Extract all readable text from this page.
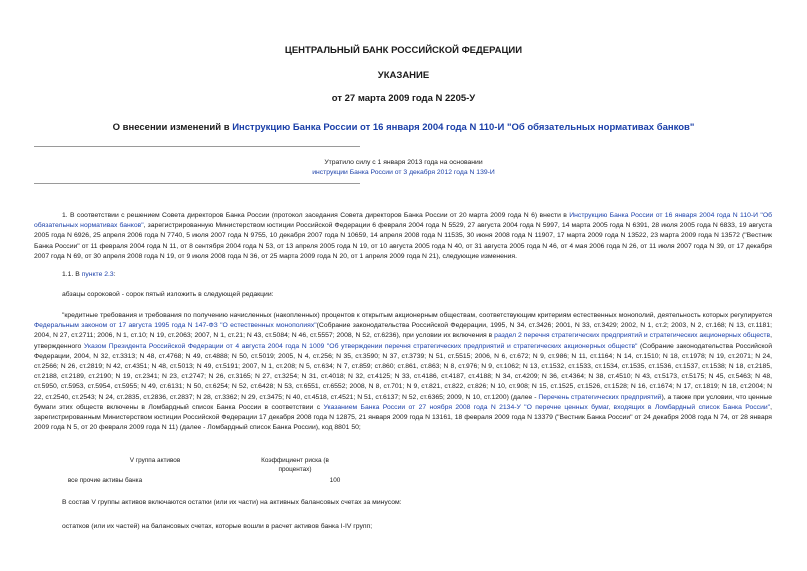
ЦЕНТРАЛЬНЫЙ БАНК РОССИЙСКОЙ ФЕДЕРАЦИИ
УКАЗАНИЕ
от 27 марта 2009 года N 2205-У
О внесении изменений в Инструкцию Банка России от 16 января 2004 года N 110-И "Об обязательных нормативах банков"
Утратило силу с 1 января 2013 года на основании
инструкции Банка России от 3 декабря 2012 года N 139-И
1. В соответствии с решением Совета директоров Банка России (протокол заседания Совета директоров Банка России от 20 марта 2009 года N 6) внести в Инструкцию Банка России от 16 января 2004 года N 110-И "Об обязательных нормативах банков", зарегистрированную Министерством юстиции Российской Федерации 6 февраля 2004 года N 5529, 27 августа 2004 года N 5997, 14 марта 2005 года N 6391, 28 июля 2005 года N 6833, 19 августа 2005 года N 6926, 25 апреля 2006 года N 7740, 5 июля 2007 года N 9755, 10 декабря 2007 года N 10659, 14 апреля 2008 года N 11535, 30 июня 2008 года N 11907, 17 марта 2009 года N 13522, 23 марта 2009 года N 13572 ("Вестник Банка России" от 11 февраля 2004 года N 11, от 8 сентября 2004 года N 53, от 13 апреля 2005 года N 19, от 10 августа 2005 года N 40, от 31 августа 2005 года N 46, от 4 мая 2006 года N 26, от 11 июля 2007 года N 39, от 17 декабря 2007 года N 69, от 30 апреля 2008 года N 19, от 9 июля 2008 года N 36, от 25 марта 2009 года N 20, от 1 апреля 2009 года N 21), следующие изменения.
1.1. В пункте 2.3:
абзацы сороковой - сорок пятый изложить в следующей редакции:
"кредитные требования и требования по получению начисленных (накопленных) процентов к открытым акционерным обществам, соответствующим критериям естественных монополий, деятельность которых регулируется Федеральным законом от 17 августа 1995 года N 147-ФЗ "О естественных монополиях"(Собрание законодательства Российской Федерации, 1995, N 34, ст.3426; 2001, N 33, ст.3429; 2002, N 1, ст.2; 2003, N 2, ст.168; N 13, ст.1181; 2004, N 27, ст.2711; 2006, N 1, ст.10; N 19, ст.2063; 2007, N 1, ст.21; N 43, ст.5084; N 46, ст.5557; 2008, N 52, ст.6236), при условии их включения в раздел 2 перечня стратегических предприятий и стратегических акционерных обществ, утвержденного Указом Президента Российской Федерации от 4 августа 2004 года N 1009 "Об утверждении перечня стратегических предприятий и стратегических акционерных обществ" (Собрание законодательства Российской Федерации, 2004, N 32, ст.3313; N 48, ст.4768; N 49, ст.4888; N 50, ст.5019; 2005, N 4, ст.256; N 35, ст.3590; N 37, ст.3739; N 51, ст.5515; 2006, N 6, ст.672; N 9, ст.986; N 11, ст.1164; N 14, ст.1510; N 18, ст.1978; N 19, ст.2071; N 24, ст.2566; N 26, ст.2819; N 42, ст.4351; N 48, ст.5013; N 49, ст.5191; 2007, N 1, ст.208; N 5, ст.634; N 7, ст.859; ст.860; ст.861, ст.863; N 8, ст.976; N 9, ст.1062; N 13, ст.1532, ст.1533, ст.1534, ст.1535, ст.1536, ст.1537, ст.1538; N 18, ст.2185, ст.2188, ст.2189, ст.2190; N 19, ст.2341; N 23, ст.2747; N 26, ст.3165; N 27, ст.3254; N 31, ст.4018; N 32, ст.4125; N 33, ст.4186, ст.4187, ст.4188; N 34, ст.4209; N 36, ст.4364; N 38, ст.4510; N 43, ст.5173, ст.5175; N 45, ст.5463; N 48, ст.5950, ст.5953, ст.5954, ст.5955; N 49, ст.6131; N 50, ст.6254; N 52, ст.6428; N 53, ст.6551, ст.6552; 2008, N 8, ст.701; N 9, ст.821, ст.822, ст.826; N 10, ст.908; N 15, ст.1525, ст.1526, ст.1528; N 16, ст.1674; N 17, ст.1819; N 18, ст.2004; N 22, ст.2540, ст.2543; N 24, ст.2835, ст.2836, ст.2837; N 28, ст.3362; N 29, ст.3475; N 40, ст.4518, ст.4521; N 51, ст.6137; N 52, ст.6365; 2009, N 10, ст.1200) (далее - Перечень стратегических предприятий), а также при условии, что ценные бумаги этих обществ включены в Ломбардный список Банка России в соответствии с Указанием Банка России от 27 ноября 2008 года N 2134-У "О перечне ценных бумаг, входящих в Ломбардный список Банка России", зарегистрированным Министерством юстиции Российской Федерации 17 декабря 2008 года N 12875, 21 января 2009 года N 13161, 18 февраля 2009 года N 13379 ("Вестник Банка России" от 24 декабря 2008 года N 74, от 28 января 2009 года N 5, от 20 февраля 2009 года N 11) (далее - Ломбардный список Банка России), код 8801 50;
V группа активов	Коэффициент риска (в процентах)
все прочие активы банка	100
В состав V группы активов включаются остатки (или их части) на активных балансовых счетах за минусом:
остатков (или их частей) на балансовых счетах, которые вошли в расчет активов банка I-IV групп;
